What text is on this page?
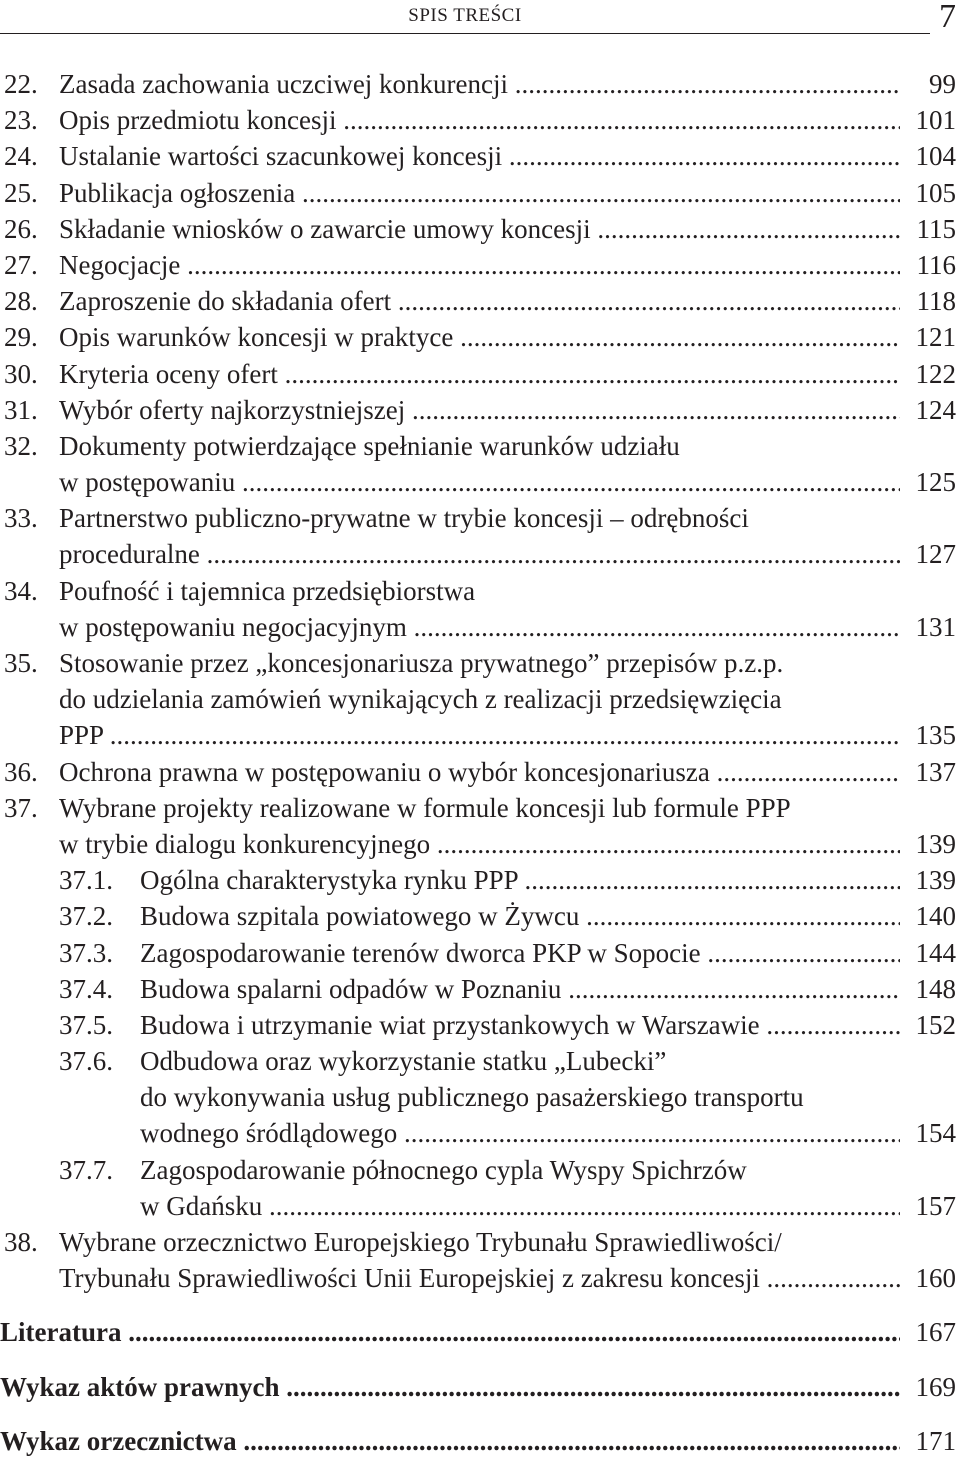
SPIS TREŚCI	7
22. Zasada zachowania uczciwej konkurencji .....	99
23. Opis przedmiotu koncesji .....	101
24. Ustalanie wartości szacunkowej koncesji .....	104
25. Publikacja ogłoszenia .....	105
26. Składanie wniosków o zawarcie umowy koncesji .....	115
27. Negocjacje .....	116
28. Zaproszenie do składania ofert .....	118
29. Opis warunków koncesji w praktyce .....	121
30. Kryteria oceny ofert .....	122
31. Wybór oferty najkorzystniejszej .....	124
32. Dokumenty potwierdzające spełnianie warunków udziału
w postępowaniu .....	125
33. Partnerstwo publiczno-prywatne w trybie koncesji – odrębności
proceduralne .....	127
34. Poufność i tajemnica przedsiębiorstwa
w postępowaniu negocjacyjnym .....	131
35. Stosowanie przez „koncesjonariusza prywatnego” przepisów p.z.p.
do udzielania zamówień wynikających z realizacji przedsięwzięcia
PPP .....	135
36. Ochrona prawna w postępowaniu o wybór koncesjonariusza .....	137
37. Wybrane projekty realizowane w formule koncesji lub formule PPP
w trybie dialogu konkurencyjnego .....	139
37.1. Ogólna charakterystyka rynku PPP .....	139
37.2. Budowa szpitala powiatowego w Żywcu .....	140
37.3. Zagospodarowanie terenów dworca PKP w Sopocie .....	144
37.4. Budowa spalarni odpadów w Poznaniu .....	148
37.5. Budowa i utrzymanie wiat przystankowych w Warszawie .....	152
37.6. Odbudowa oraz wykorzystanie statku „Lubecki”
do wykonywania usług publicznego pasażerskiego transportu
wodnego śródlądowego .....	154
37.7. Zagospodarowanie północnego cypla Wyspy Spichrzów
w Gdańsku .....	157
38. Wybrane orzecznictwo Europejskiego Trybunału Sprawiedliwości/
Trybunału Sprawiedliwości Unii Europejskiej z zakresu koncesji .....	160
Literatura .....	167
Wykaz aktów prawnych .....	169
Wykaz orzecznictwa .....	171
